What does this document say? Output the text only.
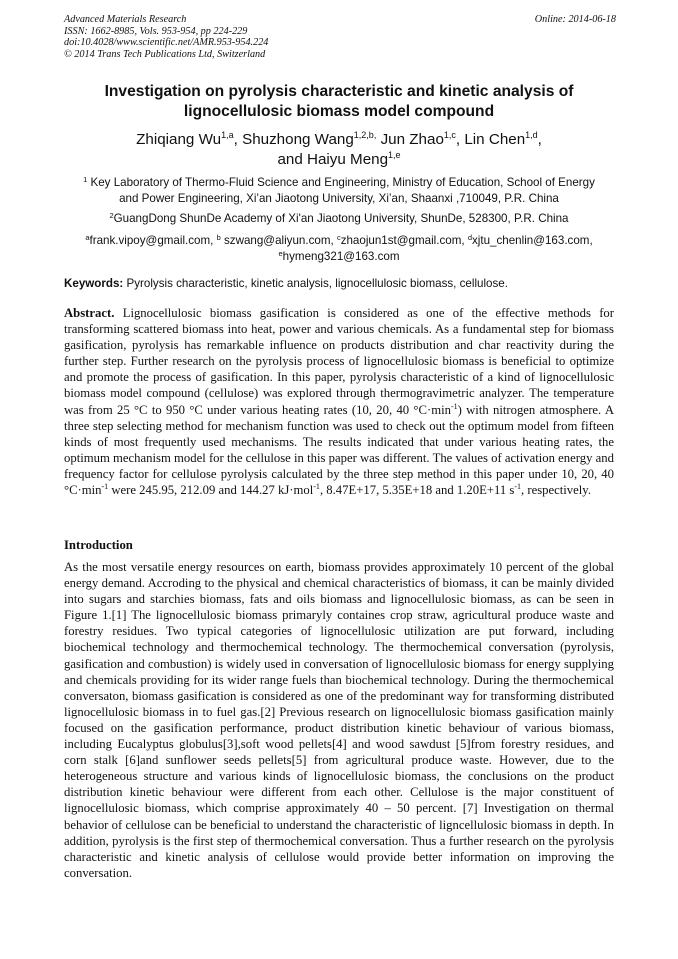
Advanced Materials Research
ISSN: 1662-8985, Vols. 953-954, pp 224-229
doi:10.4028/www.scientific.net/AMR.953-954.224
© 2014 Trans Tech Publications Ltd, Switzerland
Online: 2014-06-18
Investigation on pyrolysis characteristic and kinetic analysis of
lignocellulosic biomass model compound
Zhiqiang Wu$^{1,a}$, Shuzhong Wang$^{1,2,b,}$ Jun Zhao$^{1,c}$, Lin Chen$^{1,d}$,
and Haiyu Meng$^{1,e}$
$^1$ Key Laboratory of Thermo-Fluid Science and Engineering, Ministry of Education, School of Energy
and Power Engineering, Xi’an Jiaotong University, Xi’an, Shaanxi ,710049, P.R. China
$^2$GuangDong ShunDe Academy of Xi'an Jiaotong University, ShunDe, 528300, P.R. China
$^a$frank.vipoy@gmail.com, $^b$ szwang@aliyun.com, $^c$zhaojun1st@gmail.com, $^d$xjtu_chenlin@163.com,
$^e$hymeng321@163.com
Keywords: Pyrolysis characteristic, kinetic analysis, lignocellulosic biomass, cellulose.
Abstract. Lignocellulosic biomass gasification is considered as one of the effective methods for transforming scattered biomass into heat, power and various chemicals. As a fundamental step for biomass gasification, pyrolysis has remarkable influence on products distribution and char reactivity during the further step. Further research on the pyrolysis process of lignocellulosic biomass is beneficial to optimize and promote the process of gasification. In this paper, pyrolysis characteristic of a kind of lignocellulosic biomass model compound (cellulose) was explored through thermogravimetric analyzer. The temperature was from 25 °C to 950 °C under various heating rates (10, 20, 40 $^\circ C\cdot\min^{-1}$) with nitrogen atmosphere. A three step selecting method for mechanism function was used to check out the optimum model from fifteen kinds of most frequently used mechanisms. The results indicated that under various heating rates, the optimum mechanism model for the cellulose in this paper was different. The values of activation energy and frequency factor for cellulose pyrolysis calculated by the three step method in this paper under 10, 20, 40 $^\circ C\cdot\min^{-1}$ were 245.95, 212.09 and 144.27 kJ·mol$^{-1}$, 8.47E+17, 5.35E+18 and 1.20E+11 $s^{-1}$, respectively.
Introduction
As the most versatile energy resources on earth, biomass provides approximately 10 percent of the global energy demand. Accroding to the physical and chemical characteristics of biomass, it can be mainly divided into sugars and starchies biomass, fats and oils biomass and lignocellulosic biomass, as can be seen in Figure 1.[1] The lignocellulosic biomass primaryly containes crop straw, agricultural produce waste and forestry residues. Two typical categories of lignocellulosic utilization are put forward, including biochemical technology and thermochemical technology. The thermochemical conversation (pyrolysis, gasification and combustion) is widely used in conversation of lignocellulosic biomass for energy supplying and chemicals providing for its wider range fuels than biochemical technology. During the thermochemical conversaton, biomass gasification is considered as one of the predominant way for transforming distributed lignocellulosic biomass in to fuel gas.[2] Previous research on lignocellulosic biomass gasification mainly focused on the gasification performance, product distribution kinetic behaviour of various biomass, including Eucalyptus globulus[3],soft wood pellets[4] and wood sawdust [5]from forestry residues, and corn stalk [6]and sunflower seeds pellets[5] from agricultural produce waste. However, due to the heterogeneous structure and various kinds of lignocellulosic biomass, the conclusions on the product distribution kinetic behaviour were different from each other. Cellulose is the major constituent of lignocellulosic biomass, which comprise approximately 40 – 50 percent. [7] Investigation on thermal behavior of cellulose can be beneficial to understand the characteristic of ligncellulosic biomass in depth. In addition, pyrolysis is the first step of thermochemical conversation. Thus a further research on the pyrolysis characteristic and kinetic analysis of cellulose would provide better information on improving the conversation.
